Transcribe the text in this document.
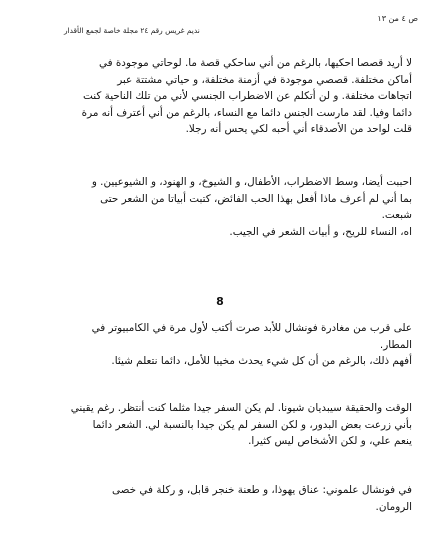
ص ٤ من ١٣
نديم غريس رقم ٢٤ مجلة خاصة لجمع الأقدار
لا أريد قصصا احكيها، بالرغم من أني ساحكي قصة ما. لوحاتي موجودة في
أماكن مختلفة. قصصي موجودة في أزمنة مختلفة، و حياتي مشتتة عبر
اتجاهات مختلفة. و لن أتكلم عن الاضطراب الجنسي لأني من تلك الناحية كنت
دائما وفيا. لقد مارست الجنس دائما مع النساء، بالرغم من أني أعترف أنه مرة
قلت لواحد من الأصدقاء أني أحبه لكي يحس أنه رجلا.
احببت أيضا، وسط الاضطراب، الأطفال، و الشيوخ، و الهنود، و الشيوعيين. و
بما أني لم أعرف ماذا أفعل بهذا الحب الفائض، كتبت أبياتا من الشعر حتى
شبعت.
اه، النساء للريح، و أبيات الشعر في الجيب.
8
على قرب من مغادرة فونشال للأبد صرت أكتب لأول مرة في الكامبيوتر في
المطار.
أفهم ذلك، بالرغم من أن كل شيء يحدث مخيبا للأمل، دائما نتعلم شيئا.
الوقت والحقيقة سيبديان شيونا. لم يكن السفر جيدا مثلما كنت أنتظر. رغم يقيني
بأني زرعت بعض البدور، و لكن السفر لم يكن جيدا بالنسبة لي. الشعر دائما
ينعم علي، و لكن الأشخاص ليس كثيرا.
في فونشال علموني: عناق يهوذا، و طعنة خنجر قابل، و ركلة في خصى
الرومان.
